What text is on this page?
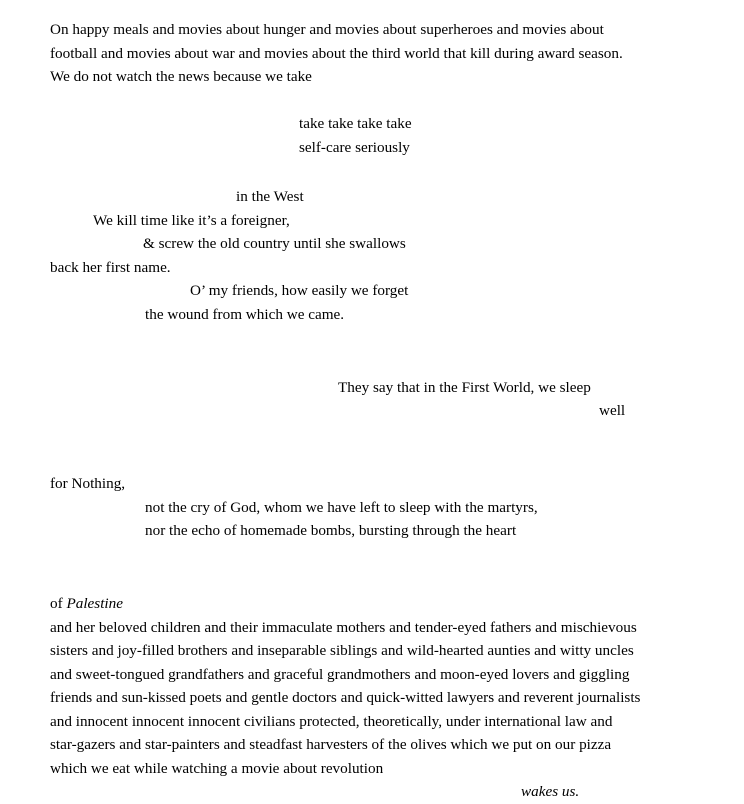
On happy meals and movies about hunger and movies about superheroes and movies about
football and movies about war and movies about the third world that kill during award season.
We do not watch the news because we take
take take take take
self-care seriously
in the West
We kill time like it’s a foreigner,
& screw the old country until she swallows
back her first name.
O’ my friends, how easily we forget
the wound from which we came.
They say that in the First World, we sleep
well
for Nothing,
not the cry of God, whom we have left to sleep with the martyrs,
nor the echo of homemade bombs, bursting through the heart
of Palestine
and her beloved children and their immaculate mothers and tender-eyed fathers and mischievous
sisters and joy-filled brothers and inseparable siblings and wild-hearted aunties and witty uncles
and sweet-tongued grandfathers and graceful grandmothers and moon-eyed lovers and giggling
friends and sun-kissed poets and gentle doctors and quick-witted lawyers and reverent journalists
and innocent innocent innocent civilians protected, theoretically, under international law and
star-gazers and star-painters and steadfast harvesters of the olives which we put on our pizza
which we eat while watching a movie about revolution
wakes us.
